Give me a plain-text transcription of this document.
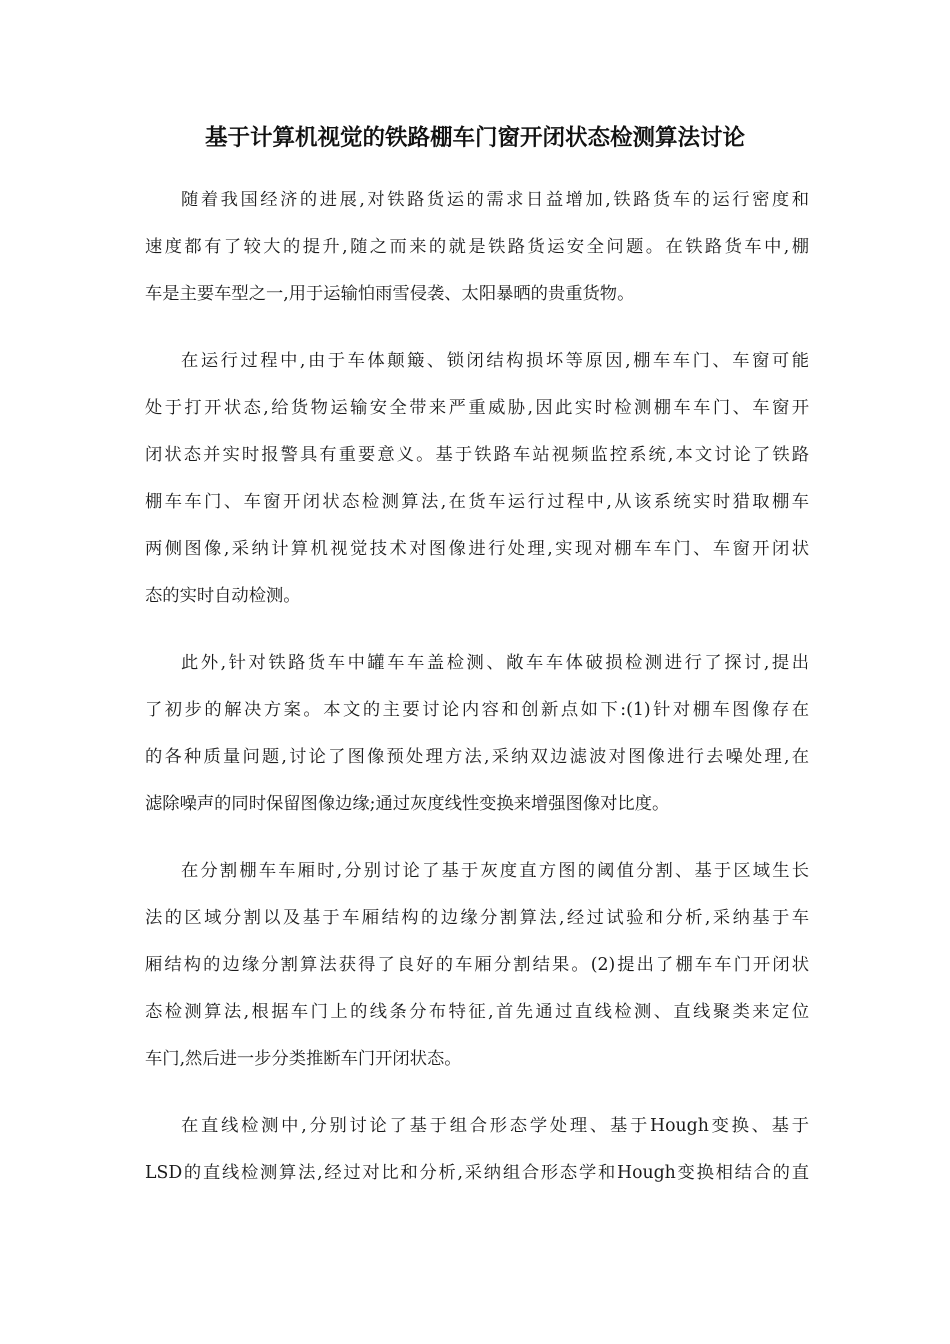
基于计算机视觉的铁路棚车门窗开闭状态检测算法讨论
随着我国经济的进展,对铁路货运的需求日益增加,铁路货车的运行密度和
速度都有了较大的提升,随之而来的就是铁路货运安全问题。在铁路货车中,棚
车是主要车型之一,用于运输怕雨雪侵袭、太阳暴晒的贵重货物。
在运行过程中,由于车体颠簸、锁闭结构损坏等原因,棚车车门、车窗可能
处于打开状态,给货物运输安全带来严重威胁,因此实时检测棚车车门、车窗开
闭状态并实时报警具有重要意义。基于铁路车站视频监控系统,本文讨论了铁路
棚车车门、车窗开闭状态检测算法,在货车运行过程中,从该系统实时猎取棚车
两侧图像,采纳计算机视觉技术对图像进行处理,实现对棚车车门、车窗开闭状
态的实时自动检测。
此外,针对铁路货车中罐车车盖检测、敞车车体破损检测进行了探讨,提出
了初步的解决方案。本文的主要讨论内容和创新点如下:(1)针对棚车图像存在
的各种质量问题,讨论了图像预处理方法,采纳双边滤波对图像进行去噪处理,在
滤除噪声的同时保留图像边缘;通过灰度线性变换来增强图像对比度。
在分割棚车车厢时,分别讨论了基于灰度直方图的阈值分割、基于区域生长
法的区域分割以及基于车厢结构的边缘分割算法,经过试验和分析,采纳基于车
厢结构的边缘分割算法获得了良好的车厢分割结果。(2)提出了棚车车门开闭状
态检测算法,根据车门上的线条分布特征,首先通过直线检测、直线聚类来定位
车门,然后进一步分类推断车门开闭状态。
在直线检测中,分别讨论了基于组合形态学处理、基于Hough变换、基于
LSD的直线检测算法,经过对比和分析,采纳组合形态学和Hough变换相结合的直
